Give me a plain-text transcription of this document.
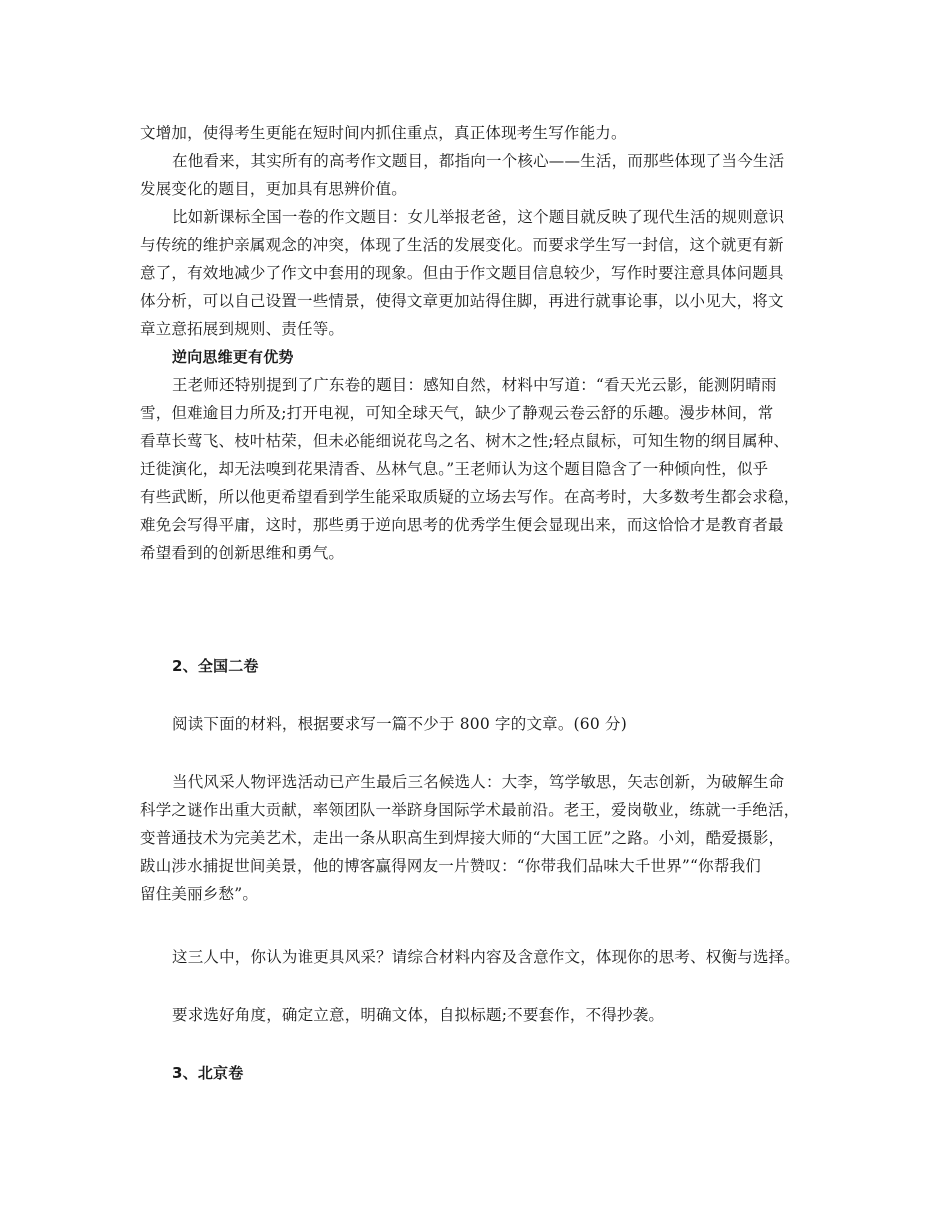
文增加，使得考生更能在短时间内抓住重点，真正体现考生写作能力。
在他看来，其实所有的高考作文题目，都指向一个核心——生活，而那些体现了当今生活
发展变化的题目，更加具有思辨价值。
比如新课标全国一卷的作文题目：女儿举报老爸，这个题目就反映了现代生活的规则意识
与传统的维护亲属观念的冲突，体现了生活的发展变化。而要求学生写一封信，这个就更有新
意了，有效地减少了作文中套用的现象。但由于作文题目信息较少，写作时要注意具体问题具
体分析，可以自己设置一些情景，使得文章更加站得住脚，再进行就事论事，以小见大，将文
章立意拓展到规则、责任等。
逆向思维更有优势
王老师还特别提到了广东卷的题目：感知自然，材料中写道：“看天光云影，能测阴晴雨
雪，但难逾目力所及;打开电视，可知全球天气，缺少了静观云卷云舒的乐趣。漫步林间，常
看草长莺飞、枝叶枯荣，但未必能细说花鸟之名、树木之性;轻点鼠标，可知生物的纲目属种、
迁徙演化，却无法嗅到花果清香、丛林气息。”王老师认为这个题目隐含了一种倾向性，似乎
有些武断，所以他更希望看到学生能采取质疑的立场去写作。在高考时，大多数考生都会求稳，
难免会写得平庸，这时，那些勇于逆向思考的优秀学生便会显现出来，而这恰恰才是教育者最
希望看到的创新思维和勇气。
2、全国二卷
阅读下面的材料，根据要求写一篇不少于 800 字的文章。(60 分)
当代风采人物评选活动已产生最后三名候选人：大李，笃学敏思，矢志创新，为破解生命
科学之谜作出重大贡献，率领团队一举跻身国际学术最前沿。老王，爱岗敬业，练就一手绝活，
变普通技术为完美艺术，走出一条从职高生到焊接大师的“大国工匠”之路。小刘，酷爱摄影，
跋山涉水捕捉世间美景，他的博客赢得网友一片赞叹：“你带我们品味大千世界”“你帮我们
留住美丽乡愁”。
这三人中，你认为谁更具风采？请综合材料内容及含意作文，体现你的思考、权衡与选择。
要求选好角度，确定立意，明确文体，自拟标题;不要套作，不得抄袭。
3、北京卷
